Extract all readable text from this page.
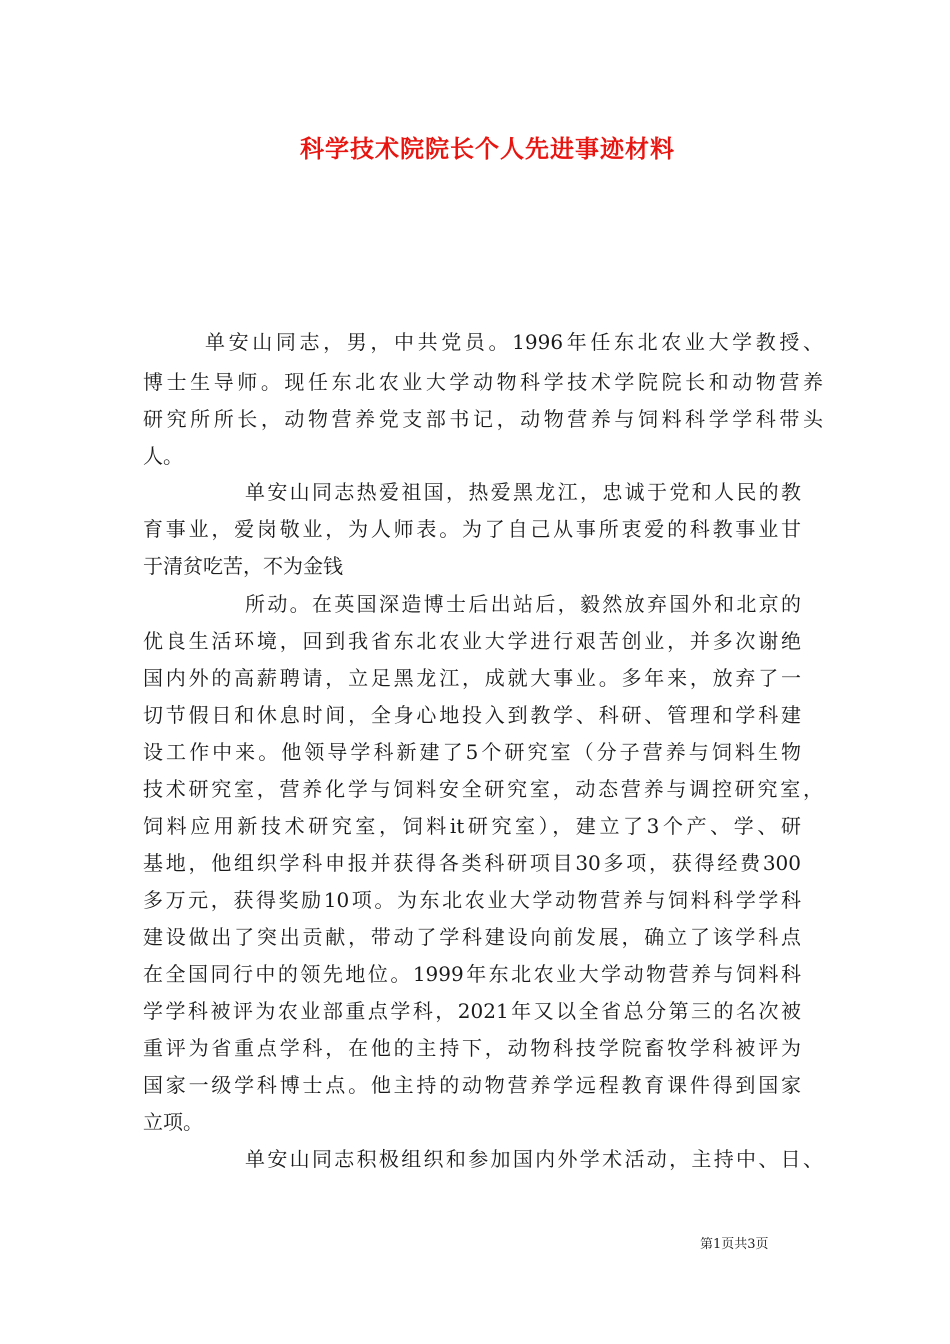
科学技术院院长个人先进事迹材料
单安山同志，男，中共党员。1996年任东北农业大学教授、
博士生导师。现任东北农业大学动物科学技术学院院长和动物营养
研究所所长，动物营养党支部书记，动物营养与饲料科学学科带头
人。
单安山同志热爱祖国，热爱黑龙江，忠诚于党和人民的教
育事业，爱岗敬业，为人师表。为了自己从事所衷爱的科教事业甘
于清贫吃苦，不为金钱
所动。在英国深造博士后出站后，毅然放弃国外和北京的
优良生活环境，回到我省东北农业大学进行艰苦创业，并多次谢绝
国内外的高薪聘请，立足黑龙江，成就大事业。多年来，放弃了一
切节假日和休息时间，全身心地投入到教学、科研、管理和学科建
设工作中来。他领导学科新建了5个研究室（分子营养与饲料生物
技术研究室，营养化学与饲料安全研究室，动态营养与调控研究室，
饲料应用新技术研究室，饲料it研究室），建立了3个产、学、研
基地，他组织学科申报并获得各类科研项目30多项，获得经费300
多万元，获得奖励10项。为东北农业大学动物营养与饲料科学学科
建设做出了突出贡献，带动了学科建设向前发展，确立了该学科点
在全国同行中的领先地位。1999年东北农业大学动物营养与饲料科
学学科被评为农业部重点学科，2021年又以全省总分第三的名次被
重评为省重点学科，在他的主持下，动物科技学院畜牧学科被评为
国家一级学科博士点。他主持的动物营养学远程教育课件得到国家
立项。
单安山同志积极组织和参加国内外学术活动，主持中、日、
第1页共3页
